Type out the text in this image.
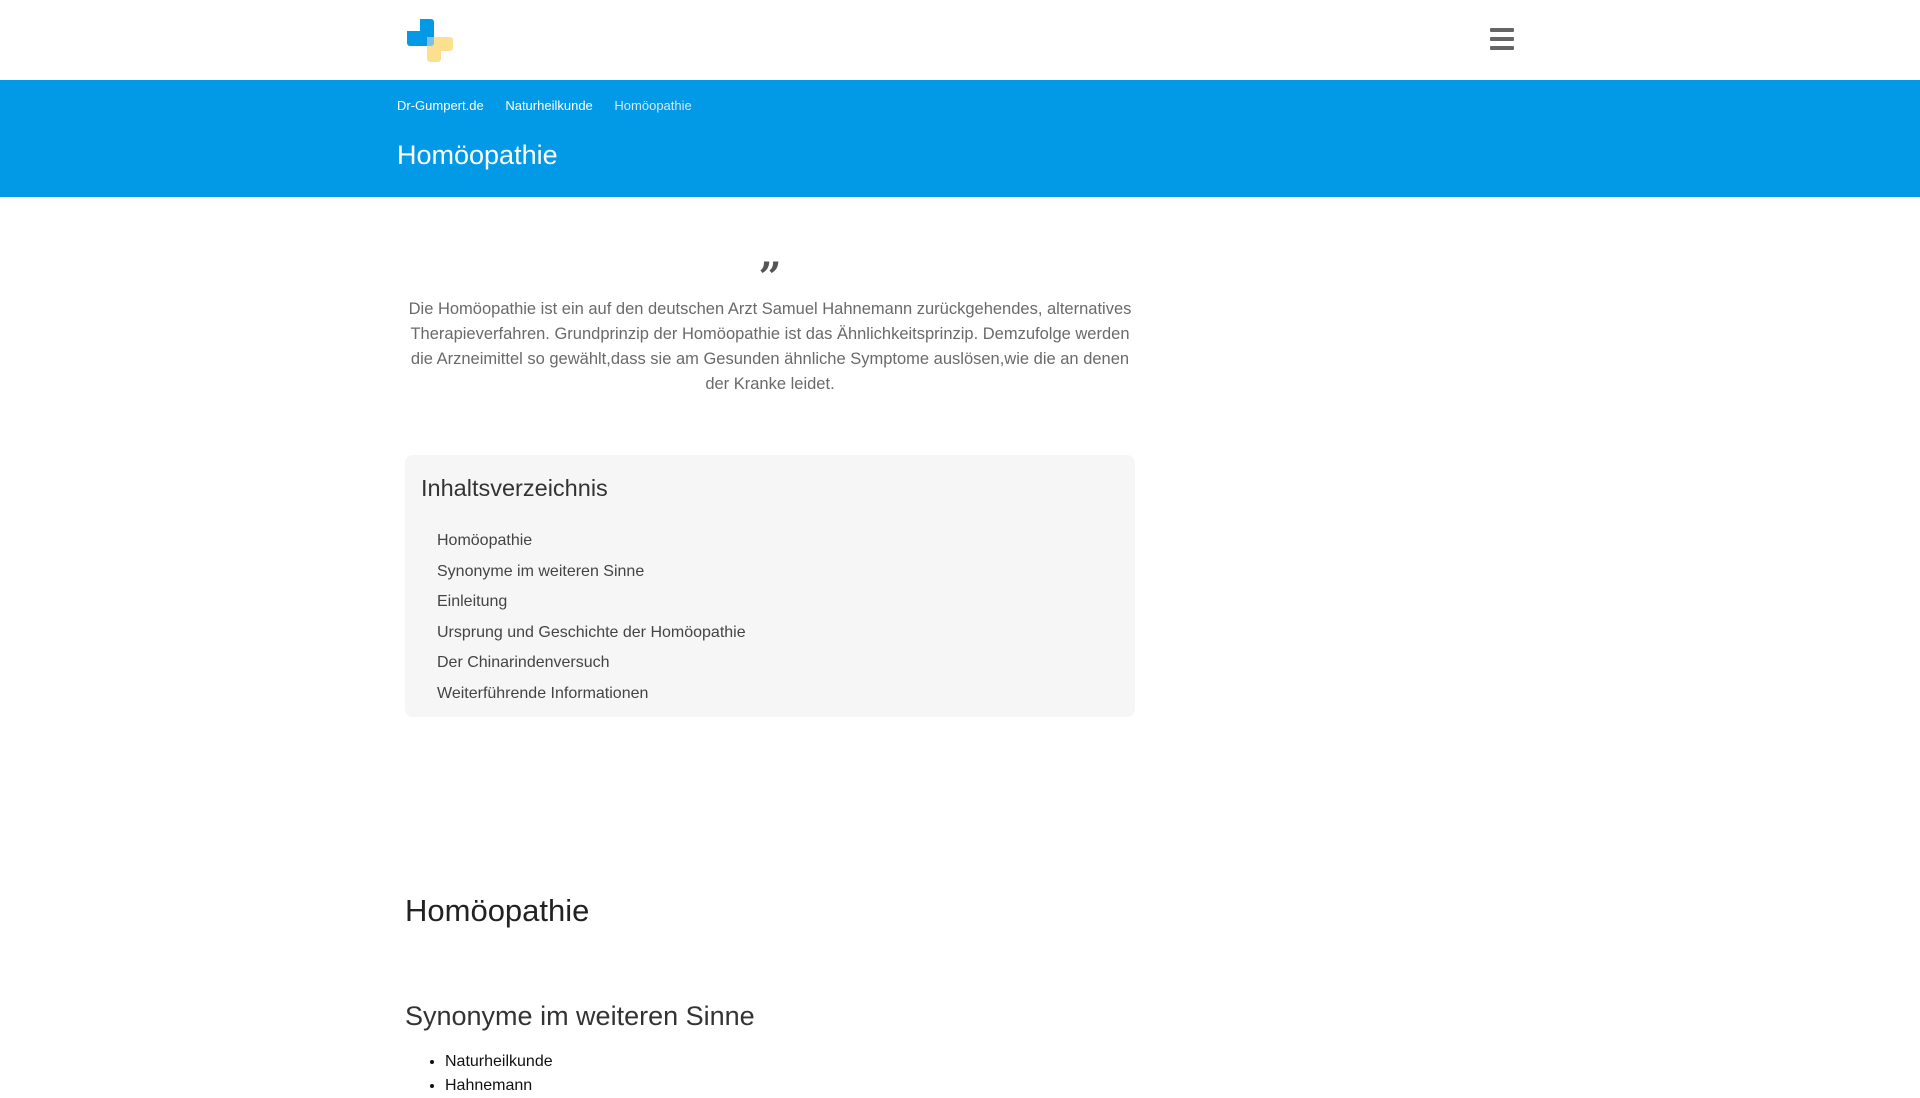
Dr-Gumpert.de Naturheilkunde Homöopathie
Homöopathie
”

Die Homöopathie ist ein auf den deutschen Arzt Samuel Hahnemann zurückgehendes, alternatives Therapieverfahren. Grundprinzip der Homöopathie ist das Ähnlichkeitsprinzip. Demzufolge werden die Arzneimittel so gewählt,dass sie am Gesunden ähnliche Symptome auslösen,wie die an denen der Kranke leidet.

Inhaltsverzeichnis
Homöopathie
Synonyme im weiteren Sinne
Einleitung
Ursprung und Geschichte der Homöopathie
Der Chinarindenversuch
Weiterführende Informationen
Homöopathie
Synonyme im weiteren Sinne
• Naturheilkunde
• Hahnemann
